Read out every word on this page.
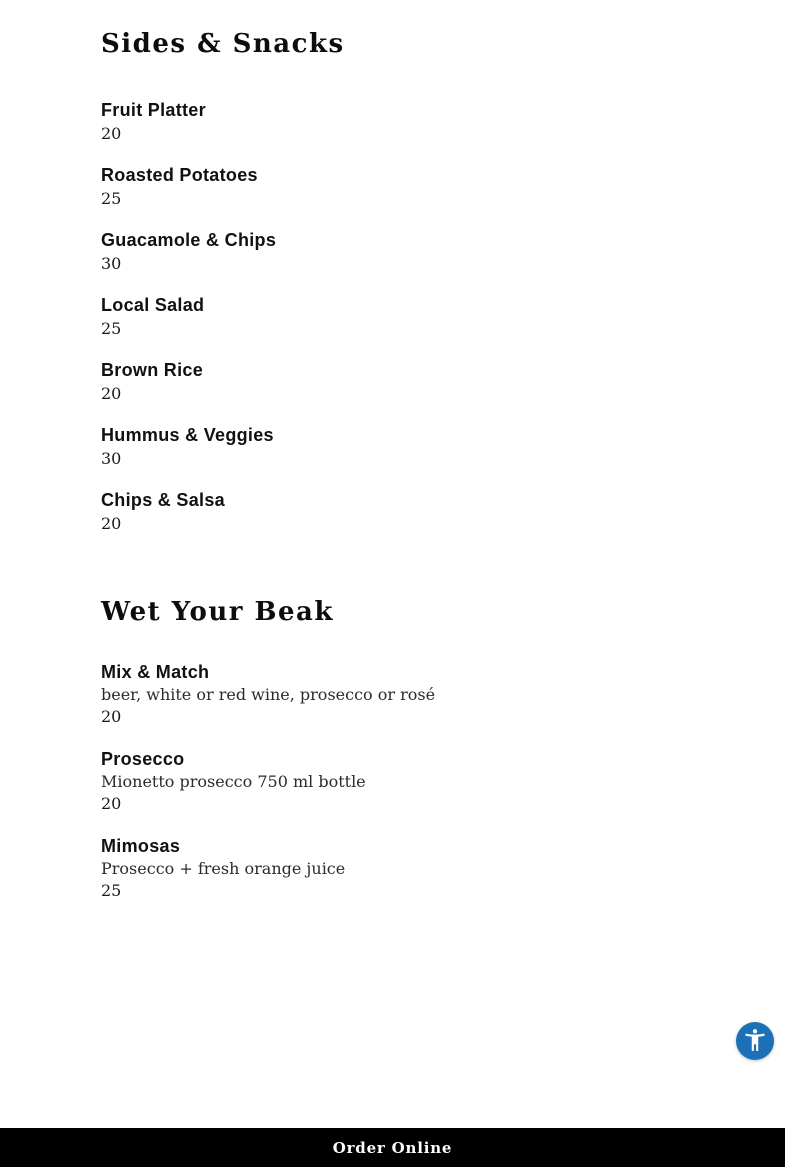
Sides & Snacks
Fruit Platter
20
Roasted Potatoes
25
Guacamole & Chips
30
Local Salad
25
Brown Rice
20
Hummus & Veggies
30
Chips & Salsa
20
Wet Your Beak
Mix & Match
beer, white or red wine, prosecco or rosé
20
Prosecco
Mionetto prosecco 750 ml bottle
20
Mimosas
Prosecco + fresh orange juice
25
Order Online
